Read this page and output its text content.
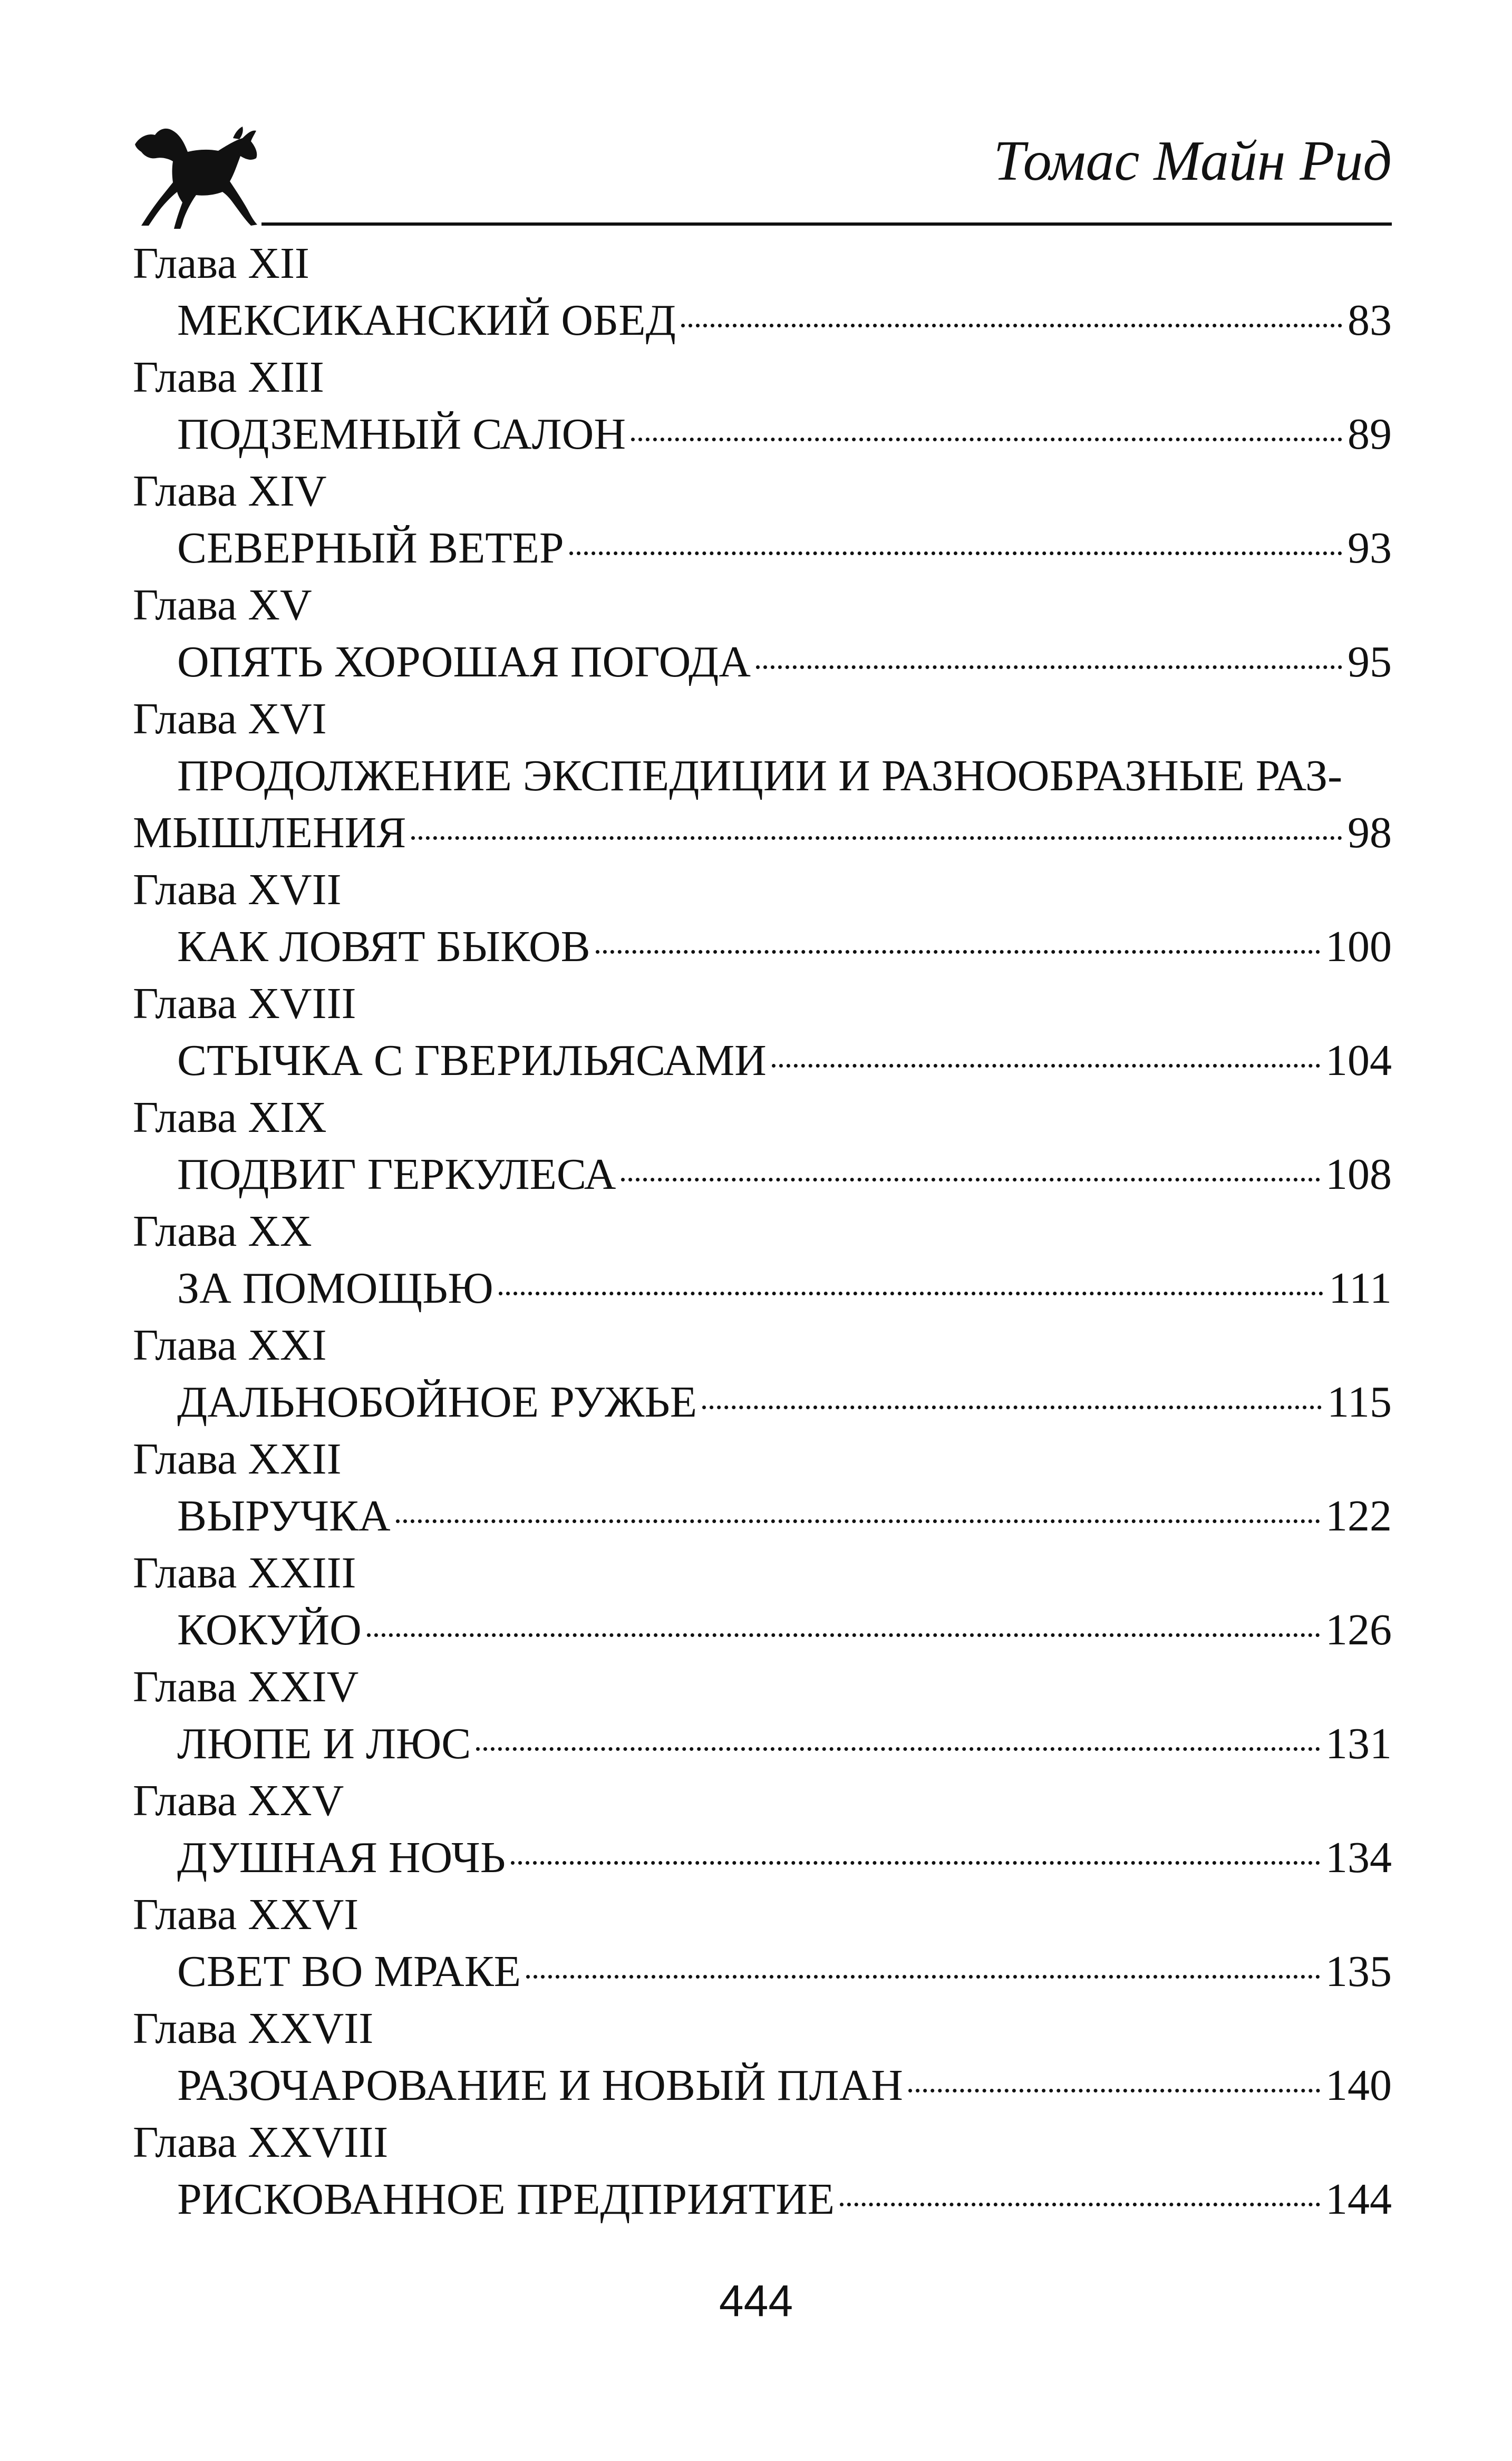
Томас Майн Рид
Глава XII
МЕКСИКАНСКИЙ ОБЕД	83
Глава XIII
ПОДЗЕМНЫЙ САЛОН	89
Глава XIV
СЕВЕРНЫЙ ВЕТЕР	93
Глава XV
ОПЯТЬ ХОРОШАЯ ПОГОДА	95
Глава XVI
ПРОДОЛЖЕНИЕ ЭКСПЕДИЦИИ И РАЗНООБРАЗНЫЕ РАЗ-
МЫШЛЕНИЯ	98
Глава XVII
КАК ЛОВЯТ БЫКОВ	100
Глава XVIII
СТЫЧКА С ГВЕРИЛЬЯСАМИ	104
Глава XIX
ПОДВИГ ГЕРКУЛЕСА	108
Глава XX
ЗА ПОМОЩЬЮ	111
Глава XXI
ДАЛЬНОБОЙНОЕ РУЖЬЕ	115
Глава XXII
ВЫРУЧКА	122
Глава XXIII
КОКУЙО	126
Глава XXIV
ЛЮПЕ И ЛЮС	131
Глава XXV
ДУШНАЯ НОЧЬ	134
Глава XXVI
СВЕТ ВО МРАКЕ	135
Глава XXVII
РАЗОЧАРОВАНИЕ И НОВЫЙ ПЛАН	140
Глава XXVIII
РИСКОВАННОЕ ПРЕДПРИЯТИЕ	144
444
